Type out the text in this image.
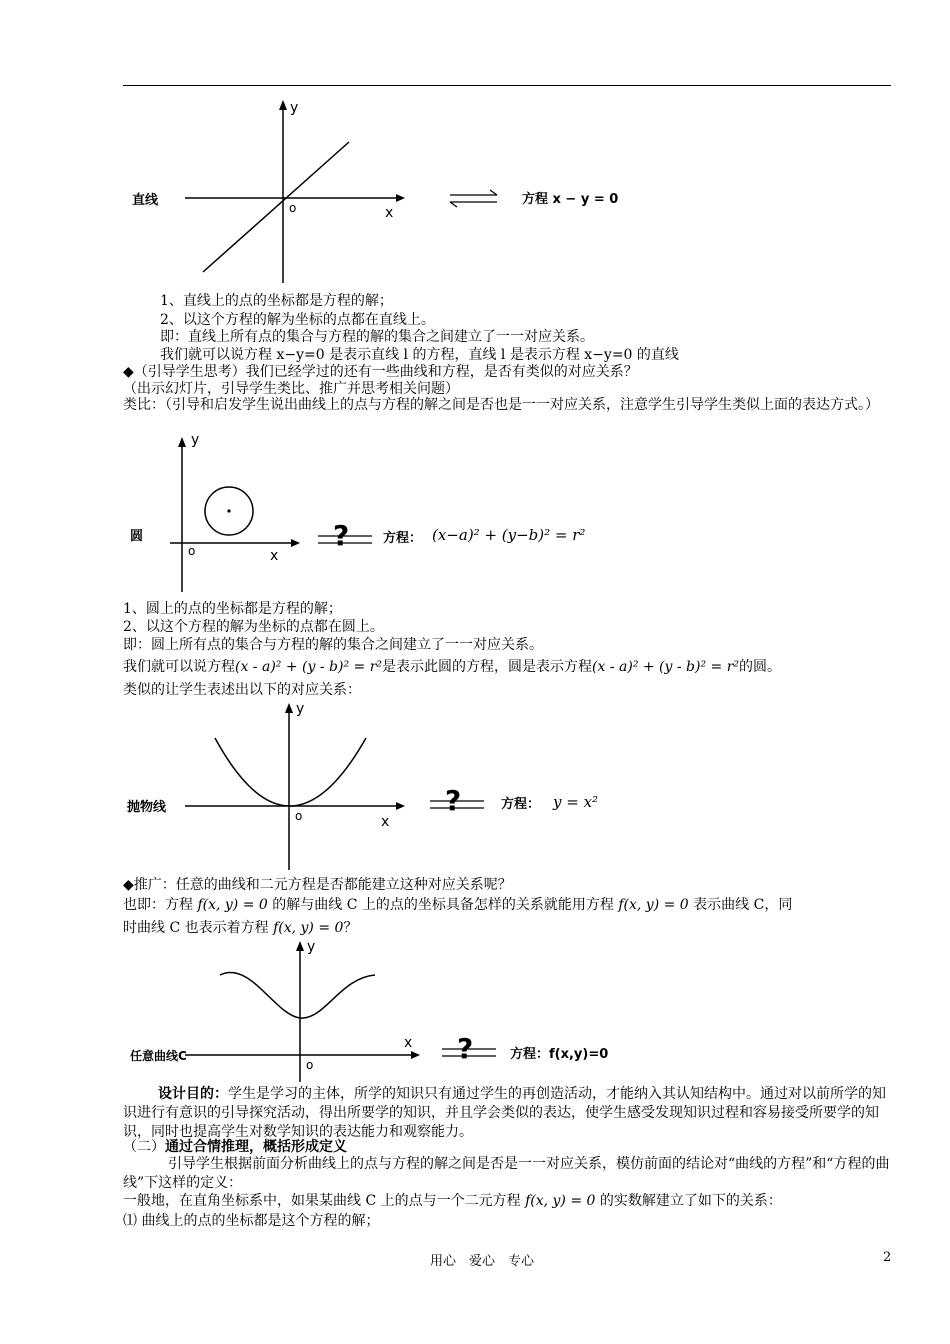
?
?
?
直线
y
x
o
方程 x − y = 0
1、直线上的点的坐标都是方程的解；
2、以这个方程的解为坐标的点都在直线上。
即：直线上所有点的集合与方程的解的集合之间建立了一一对应关系。
我们就可以说方程 x−y=0 是表示直线 l 的方程，直线 l 是表示方程 x−y=0 的直线
◆（引导学生思考）我们已经学过的还有一些曲线和方程，是否有类似的对应关系？
（出示幻灯片，引导学生类比、推广并思考相关问题）
类比：（引导和启发学生说出曲线上的点与方程的解之间是否也是一一对应关系，注意学生引导学生类似上面的表达方式。）
圆
y
x
o
方程： (x−a)² + (y−b)² = r²
1、圆上的点的坐标都是方程的解；
2、以这个方程的解为坐标的点都在圆上。
即：圆上所有点的集合与方程的解的集合之间建立了一一对应关系。
我们就可以说方程(x - a)² + (y - b)² = r²是表示此圆的方程，圆是表示方程(x - a)² + (y - b)² = r²的圆。
类似的让学生表述出以下的对应关系：
抛物线
y
x
o
方程： y = x²
◆推广：任意的曲线和二元方程是否都能建立这种对应关系呢？
也即：方程 f(x, y) = 0 的解与曲线 C 上的点的坐标具备怎样的关系就能用方程 f(x, y) = 0 表示曲线 C，同
时曲线 C 也表示着方程 f(x, y) = 0？
任意曲线C
y
x
o
方程：f(x,y)=0
设计目的：学生是学习的主体，所学的知识只有通过学生的再创造活动，才能纳入其认知结构中。通过对以前所学的知识进行有意识的引导探究活动，得出所要学的知识，并且学会类似的表达，使学生感受发现知识过程和容易接受所要学的知识，同时也提高学生对数学知识的表达能力和观察能力。
（二）通过合情推理，概括形成定义
引导学生根据前面分析曲线上的点与方程的解之间是否是一一对应关系，模仿前面的结论对“曲线的方程”和“方程的曲线”下这样的定义：
一般地，在直角坐标系中，如果某曲线 C 上的点与一个二元方程 f(x, y) = 0 的实数解建立了如下的关系：
⑴ 曲线上的点的坐标都是这个方程的解；
用心　爱心　专心	2
